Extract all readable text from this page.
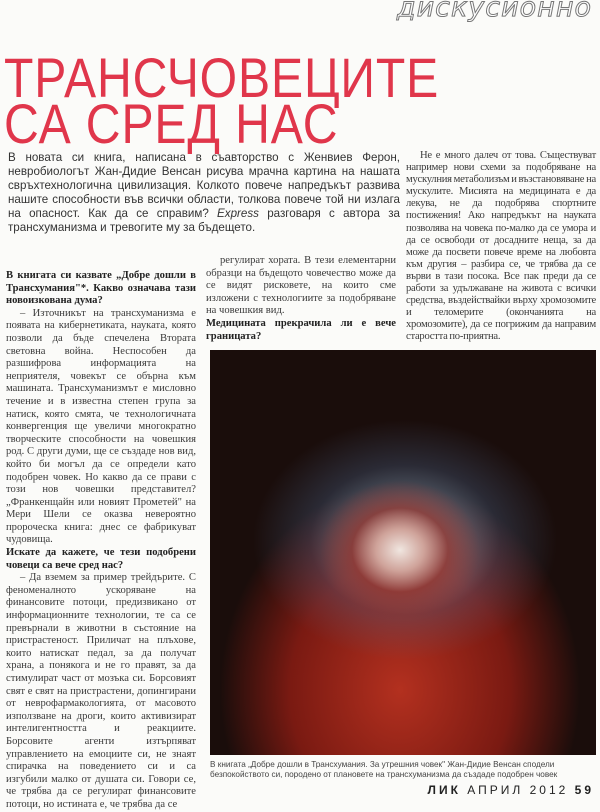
дискусионно
ТРАНСЧОВЕЦИТЕ
СА СРЕД НАС
В новата си книга, написана в съавторство с Женвиев Ферон, невробиологът Жан-Дидие Венсан рисува мрачна картина на нашата свръхтехнологична цивилизация. Колкото повече напредъкът развива нашите способности във всички области, толкова повече той ни излага на опасност. Как да се справим? Express разговаря с автора за трансхуманизма и тревогите му за бъдещето.

В книгата си казвате „Добре дошли в Трансхумания"*. Какво означава тази новоизкована дума?

– Източникът на трансхуманизма е появата на кибернетиката, науката, която позволи да бъде спечелена Втората световна война. Неспособен да разшифрова информацията на неприятеля, човекът се обърна към машината. Трансхуманизмът е мисловно течение и в известна степен група за натиск, която смята, че технологичната конвергенция ще увеличи многократно творческите способности на човешкия род. С други думи, ще се създаде нов вид, който би могъл да се определи като подобрен човек. Но какво да се прави с този нов човешки представител? „Франкенщайн или новият Прометей" на Мери Шели се оказва невероятно пророческа книга: днес се фабрикуват чудовища.

Искате да кажете, че тези подобрени човеци са вече сред нас?

– Да вземем за пример трейдърите. С феноменалното ускоряване на финансовите потоци, предизвикано от информационните технологии, те са се превърнали в животни в състояние на пристрастеност. Приличат на плъхове, които натискат педал, за да получат храна, а понякога и не го правят, за да стимулират част от мозъка си. Борсовият свят е свят на пристрастени, допингирани от неврофармакологията, от масовото използване на дроги, които активизират интелигентността и реакциите. Борсовите агенти изтърпяват управлението на емоциите си, не знаят спирачка на поведението си и са изгубили малко от душата си. Говори се, че трябва да се регулират финансовите потоци, но истината е, че трябва да се

регулират хората. В тези елементарни образци на бъдещото човечество може да се видят рисковете, на които сме изложени с технологиите за подобряване на човешкия вид.

Медицината прекрачила ли е вече границата?

Не е много далеч от това. Съществуват например нови схеми за подобряване на мускулния метаболизъм и възстановяване на мускулите. Мисията на медицината е да лекува, не да подобрява спортните постижения! Ако напредъкът на науката позволява на човека по-малко да се умора и да се освободи от досадните неща, за да може да посвети повече време на любовта към другия – разбира се, че трябва да се върви в тази посока. Все пак преди да се работи за удължаване на живота с всички средства, въздействайки върху хромозомите и теломерите (окончанията на хромозомите), да се погрижим да направим старостта по-приятна.

В книгата „Добре дошли в Трансхумания. За утрешния човек" Жан-Дидие Венсан сподели безпокойството си, породено от плановете на трансхуманизма да създаде подобрен човек
ЛИК АПРИЛ 2012 59
